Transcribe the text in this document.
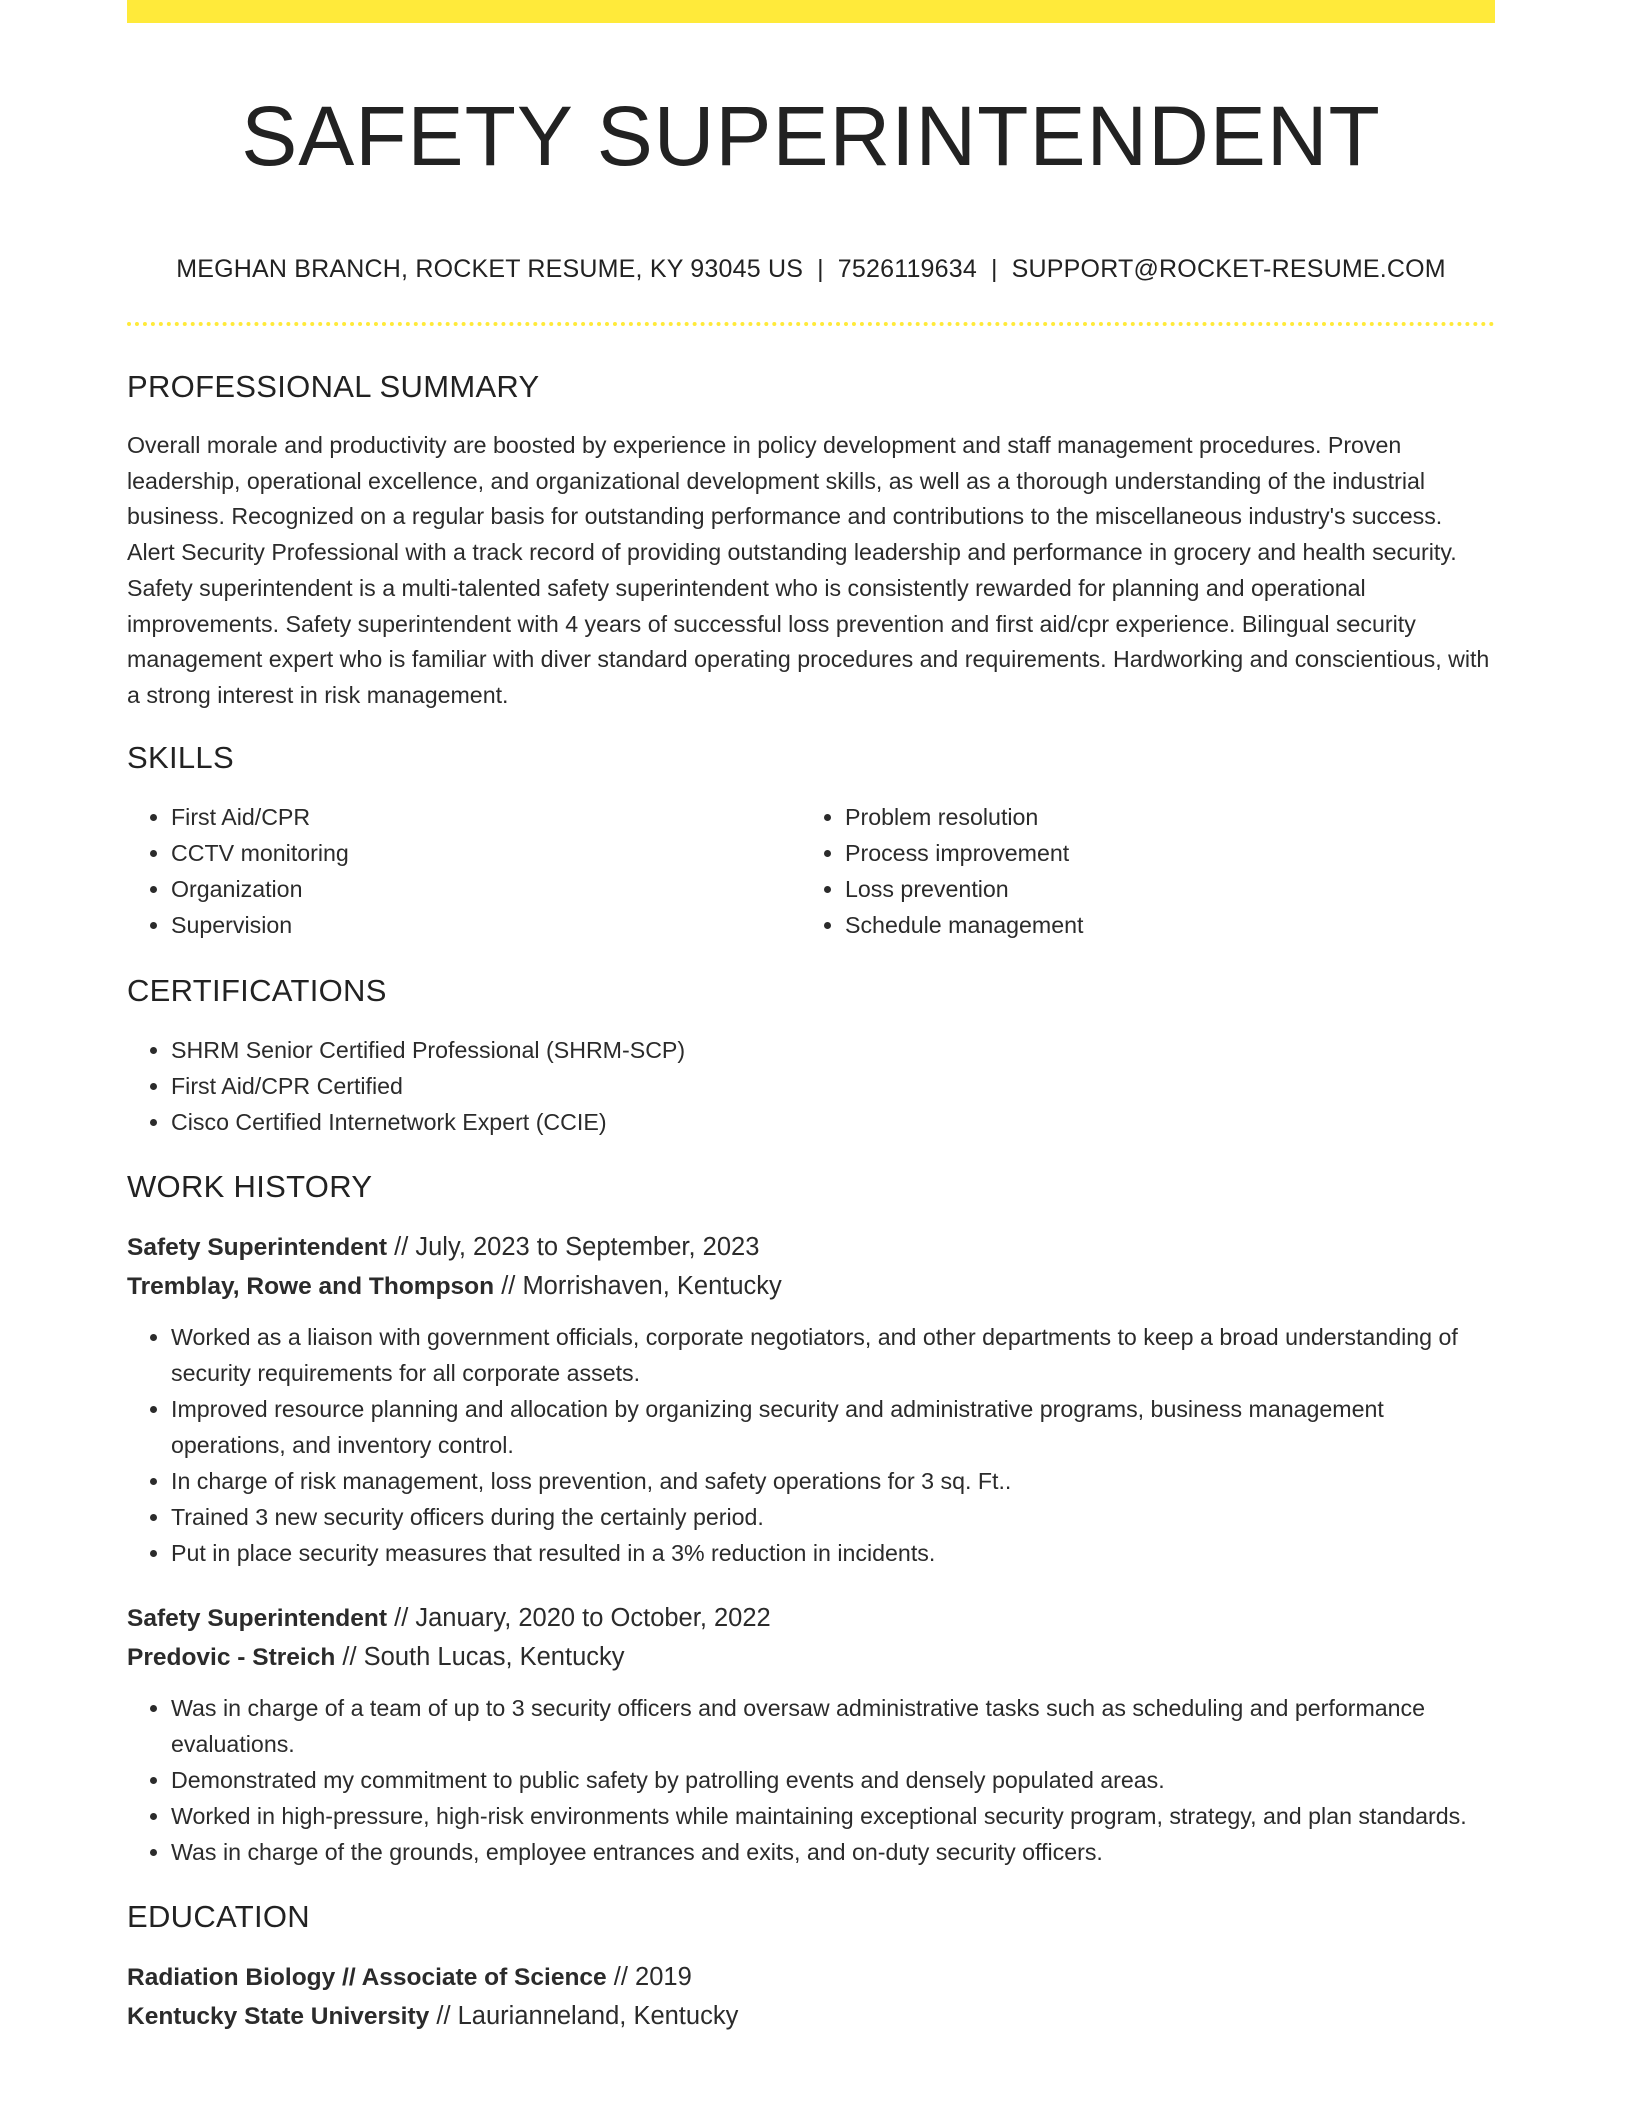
SAFETY SUPERINTENDENT
MEGHAN BRANCH, ROCKET RESUME, KY 93045 US | 7526119634 | SUPPORT@ROCKET-RESUME.COM
PROFESSIONAL SUMMARY

Overall morale and productivity are boosted by experience in policy development and staff management procedures. Proven leadership, operational excellence, and organizational development skills, as well as a thorough understanding of the industrial business. Recognized on a regular basis for outstanding performance and contributions to the miscellaneous industry's success. Alert Security Professional with a track record of providing outstanding leadership and performance in grocery and health security. Safety superintendent is a multi-talented safety superintendent who is consistently rewarded for planning and operational improvements. Safety superintendent with 4 years of successful loss prevention and first aid/cpr experience. Bilingual security management expert who is familiar with diver standard operating procedures and requirements. Hardworking and conscientious, with a strong interest in risk management.

SKILLS
• First Aid/CPR
• CCTV monitoring
• Organization
• Supervision
• Problem resolution
• Process improvement
• Loss prevention
• Schedule management
CERTIFICATIONS
• SHRM Senior Certified Professional (SHRM-SCP)
• First Aid/CPR Certified
• Cisco Certified Internetwork Expert (CCIE)
WORK HISTORY
Safety Superintendent // July, 2023 to September, 2023
Tremblay, Rowe and Thompson // Morrishaven, Kentucky
• Worked as a liaison with government officials, corporate negotiators, and other departments to keep a broad understanding of security requirements for all corporate assets.
• Improved resource planning and allocation by organizing security and administrative programs, business management operations, and inventory control.
• In charge of risk management, loss prevention, and safety operations for 3 sq. Ft..
• Trained 3 new security officers during the certainly period.
• Put in place security measures that resulted in a 3% reduction in incidents.
Safety Superintendent // January, 2020 to October, 2022
Predovic - Streich // South Lucas, Kentucky
• Was in charge of a team of up to 3 security officers and oversaw administrative tasks such as scheduling and performance evaluations.
• Demonstrated my commitment to public safety by patrolling events and densely populated areas.
• Worked in high-pressure, high-risk environments while maintaining exceptional security program, strategy, and plan standards.
• Was in charge of the grounds, employee entrances and exits, and on-duty security officers.
EDUCATION
Radiation Biology // Associate of Science // 2019
Kentucky State University // Laurianneland, Kentucky
